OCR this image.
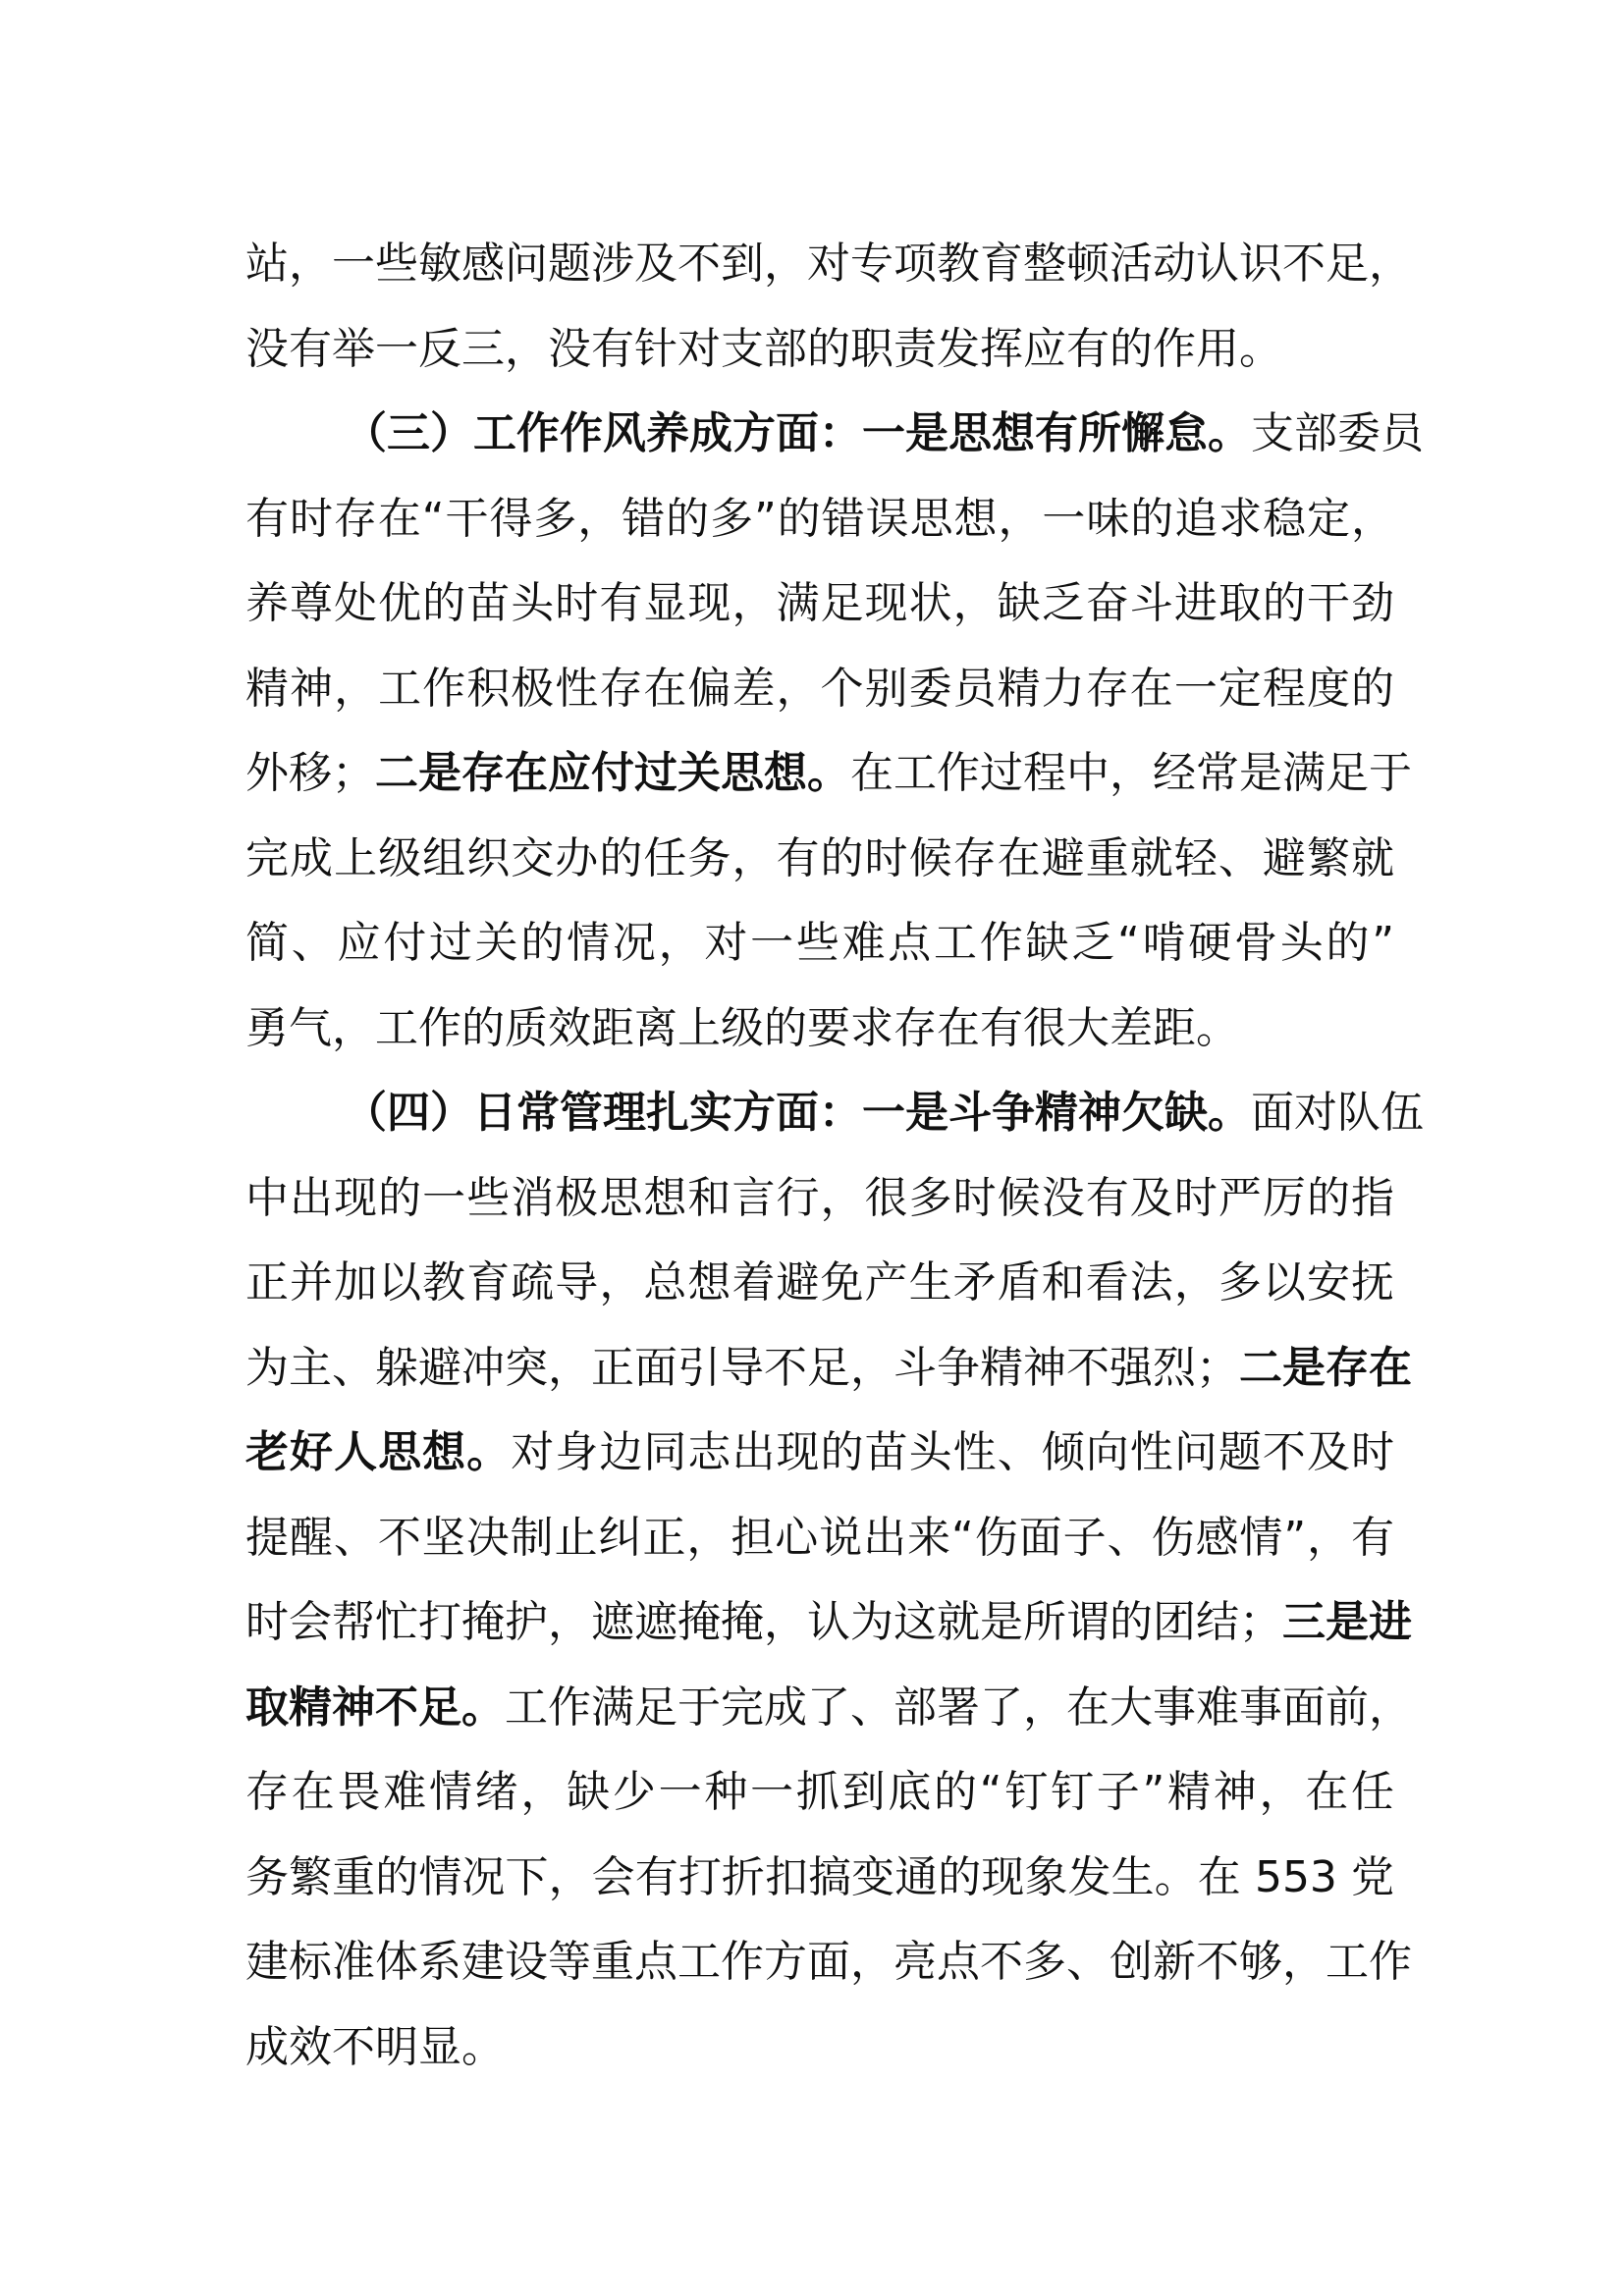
站，一些敏感问题涉及不到，对专项教育整顿活动认识不足，
没有举一反三，没有针对支部的职责发挥应有的作用。
（三）工作作风养成方面：一是思想有所懈怠。支部委员
有时存在“干得多，错的多”的错误思想，一味的追求稳定，
养尊处优的苗头时有显现，满足现状，缺乏奋斗进取的干劲
精神，工作积极性存在偏差，个别委员精力存在一定程度的
外移；二是存在应付过关思想。在工作过程中，经常是满足于
完成上级组织交办的任务，有的时候存在避重就轻、避繁就
简、应付过关的情况，对一些难点工作缺乏“啃硬骨头的”
勇气，工作的质效距离上级的要求存在有很大差距。
（四）日常管理扎实方面：一是斗争精神欠缺。面对队伍
中出现的一些消极思想和言行，很多时候没有及时严厉的指
正并加以教育疏导，总想着避免产生矛盾和看法，多以安抚
为主、躲避冲突，正面引导不足，斗争精神不强烈；二是存在
老好人思想。对身边同志出现的苗头性、倾向性问题不及时
提醒、不坚决制止纠正，担心说出来“伤面子、伤感情”，有
时会帮忙打掩护，遮遮掩掩，认为这就是所谓的团结；三是进
取精神不足。工作满足于完成了、部署了，在大事难事面前，
存在畏难情绪，缺少一种一抓到底的“钉钉子”精神，在任
务繁重的情况下，会有打折扣搞变通的现象发生。在 553 党
建标准体系建设等重点工作方面，亮点不多、创新不够，工作
成效不明显。
